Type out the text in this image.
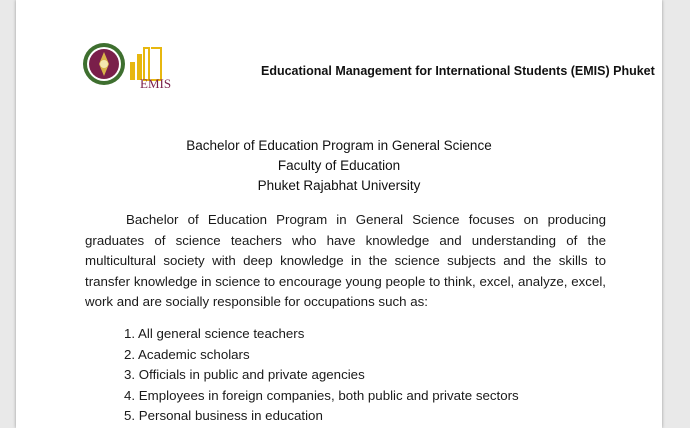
EMIS
Educational Management for International Students (EMIS) Phuket
Bachelor of Education Program in General Science
Faculty of Education
Phuket Rajabhat University
Bachelor of Education Program in General Science focuses on producing graduates of science teachers who have knowledge and understanding of the multicultural society with deep knowledge in the science subjects and the skills to transfer knowledge in science to encourage young people to think, excel, analyze, excel, work and are socially responsible for occupations such as:
1. All general science teachers
2. Academic scholars
3. Officials in public and private agencies
4. Employees in foreign companies, both public and private sectors
5. Personal business in education
